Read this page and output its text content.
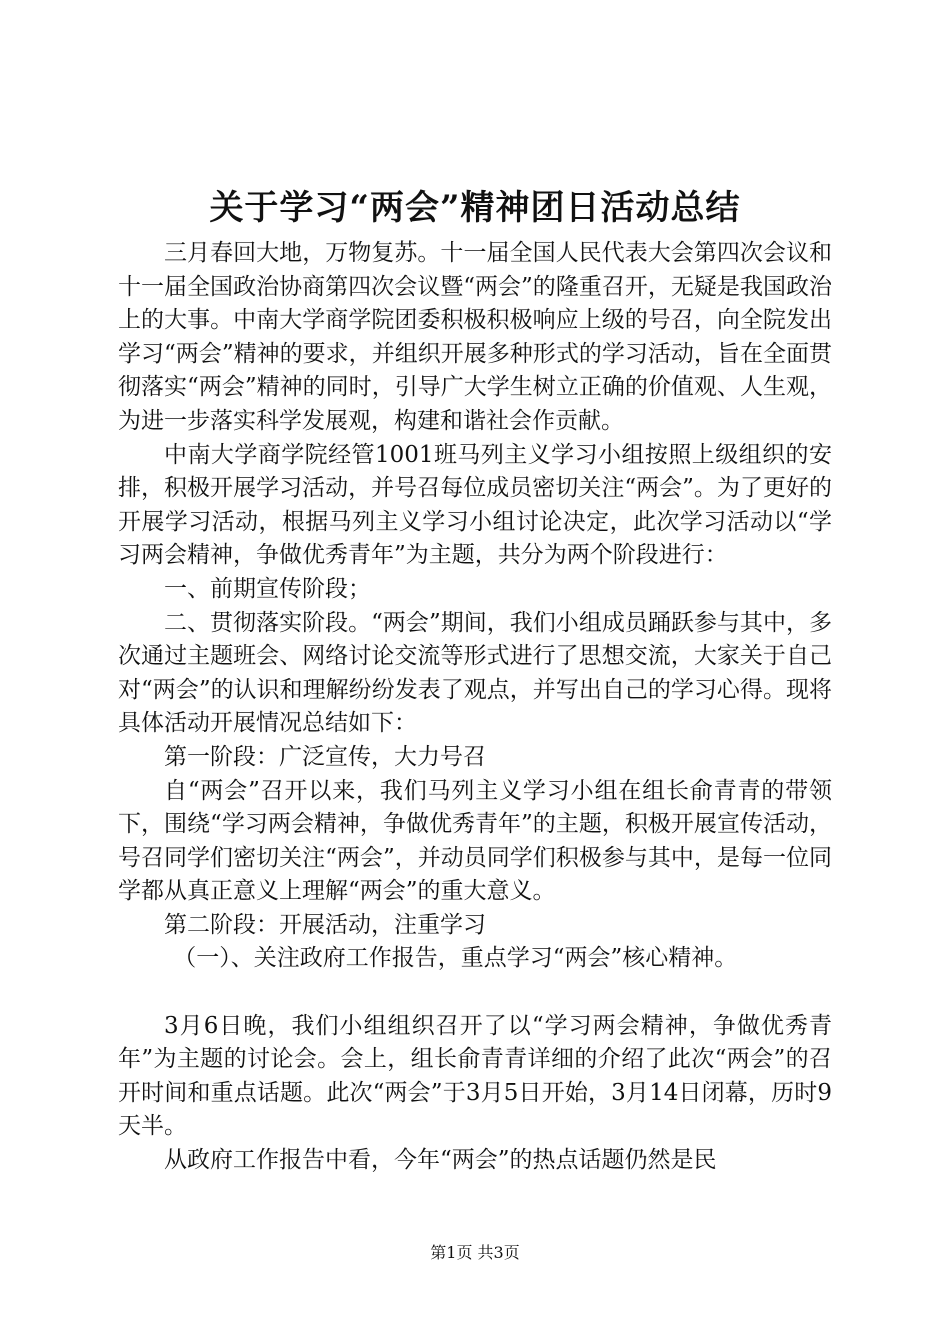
关于学习“两会”精神团日活动总结

三月春回大地，万物复苏。十一届全国人民代表大会第四次会议和十一届全国政治协商第四次会议暨“两会”的隆重召开，无疑是我国政治上的大事。中南大学商学院团委积极积极响应上级的号召，向全院发出学习“两会”精神的要求，并组织开展多种形式的学习活动，旨在全面贯彻落实“两会”精神的同时，引导广大学生树立正确的价值观、人生观，为进一步落实科学发展观，构建和谐社会作贡献。

中南大学商学院经管1001班马列主义学习小组按照上级组织的安排，积极开展学习活动，并号召每位成员密切关注“两会”。为了更好的开展学习活动，根据马列主义学习小组讨论决定，此次学习活动以“学习两会精神，争做优秀青年”为主题，共分为两个阶段进行：

一、前期宣传阶段；

二、贯彻落实阶段。“两会”期间，我们小组成员踊跃参与其中，多次通过主题班会、网络讨论交流等形式进行了思想交流，大家关于自己对“两会”的认识和理解纷纷发表了观点，并写出自己的学习心得。现将具体活动开展情况总结如下：

第一阶段：广泛宣传，大力号召

自“两会”召开以来，我们马列主义学习小组在组长俞青青的带领下，围绕“学习两会精神，争做优秀青年”的主题，积极开展宣传活动，号召同学们密切关注“两会”，并动员同学们积极参与其中，是每一位同学都从真正意义上理解“两会”的重大意义。

第二阶段：开展活动，注重学习

（一）、关注政府工作报告，重点学习“两会”核心精神。

3月6日晚，我们小组组织召开了以“学习两会精神，争做优秀青年”为主题的讨论会。会上，组长俞青青详细的介绍了此次“两会”的召开时间和重点话题。此次“两会”于3月5日开始，3月14日闭幕，历时9天半。

从政府工作报告中看，今年“两会”的热点话题仍然是民

第1页 共3页
